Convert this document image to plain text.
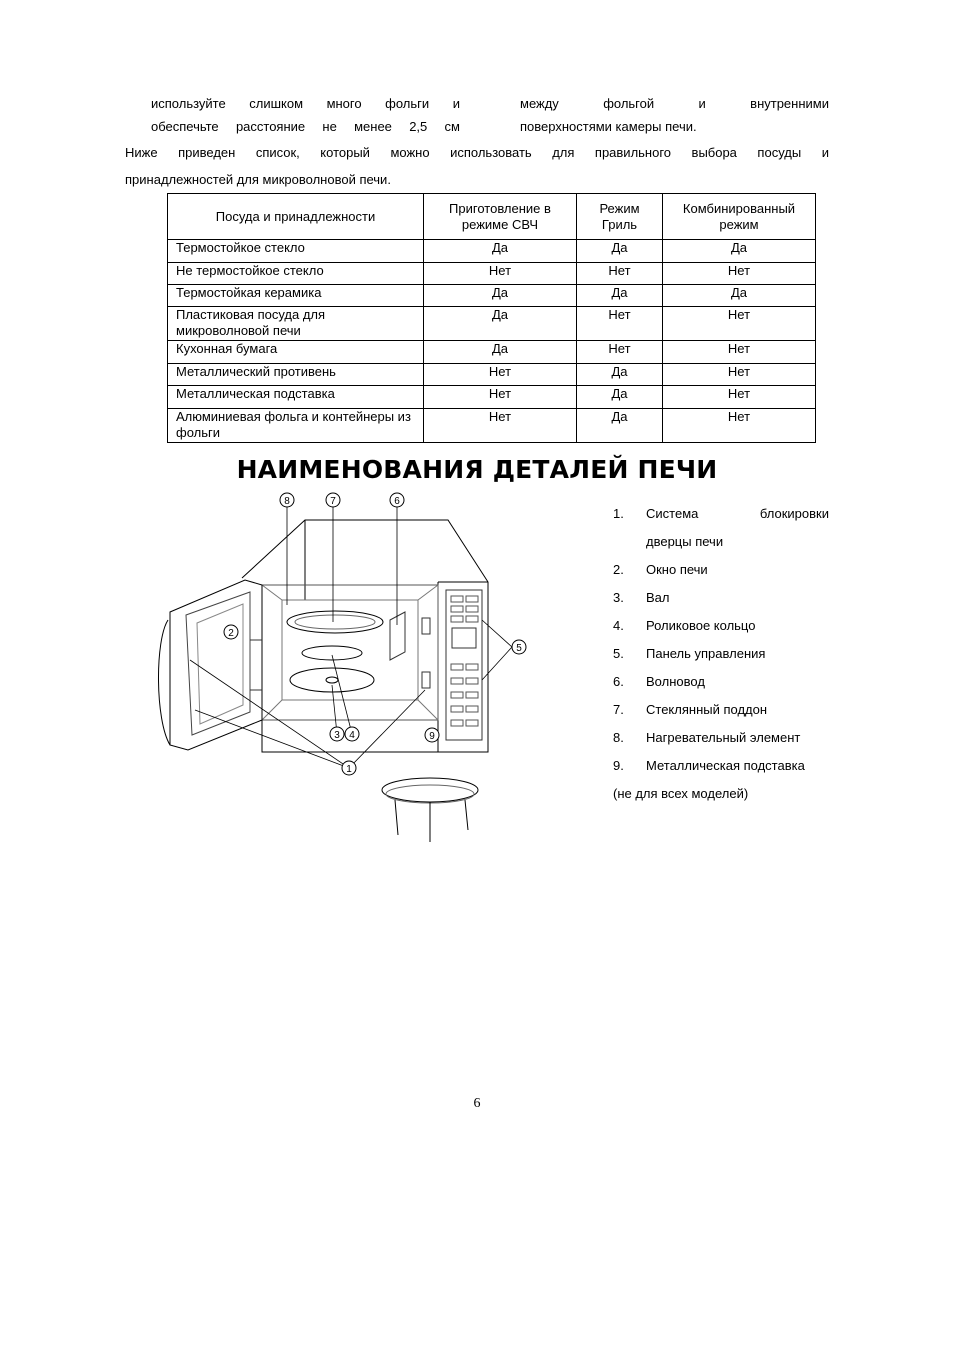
используйте слишком много фольги и
обеспечьте расстояние не менее 2,5 см
между	фольгой	и	внутренними
поверхностями камеры печи.
Ниже приведен список, который можно использовать для правильного выбора посуды и
принадлежностей для микроволновой печи.
Посуда и принадлежности	Приготовление в режиме СВЧ	Режим Гриль	Комбинированный режим
Термостойкое стекло	Да	Да	Да
Не термостойкое стекло	Нет	Нет	Нет
Термостойкая керамика	Да	Да	Да
Пластиковая посуда для микроволновой печи	Да	Нет	Нет
Кухонная бумага	Да	Нет	Нет
Металлический противень	Нет	Да	Нет
Металлическая подставка	Нет	Да	Нет
Алюминиевая фольга и контейнеры из фольги	Нет	Да	Нет
НАИМЕНОВАНИЯ ДЕТАЛЕЙ ПЕЧИ
8	7	6
2
5
3 4	9
1
1.	Система	блокировки
дверцы печи
2.	Окно печи
3.	Вал
4.	Роликовое кольцо
5.	Панель управления
6.	Волновод
7.	Стеклянный поддон
8.	Нагревательный элемент
9.	Металлическая подставка
(не для всех моделей)
6
